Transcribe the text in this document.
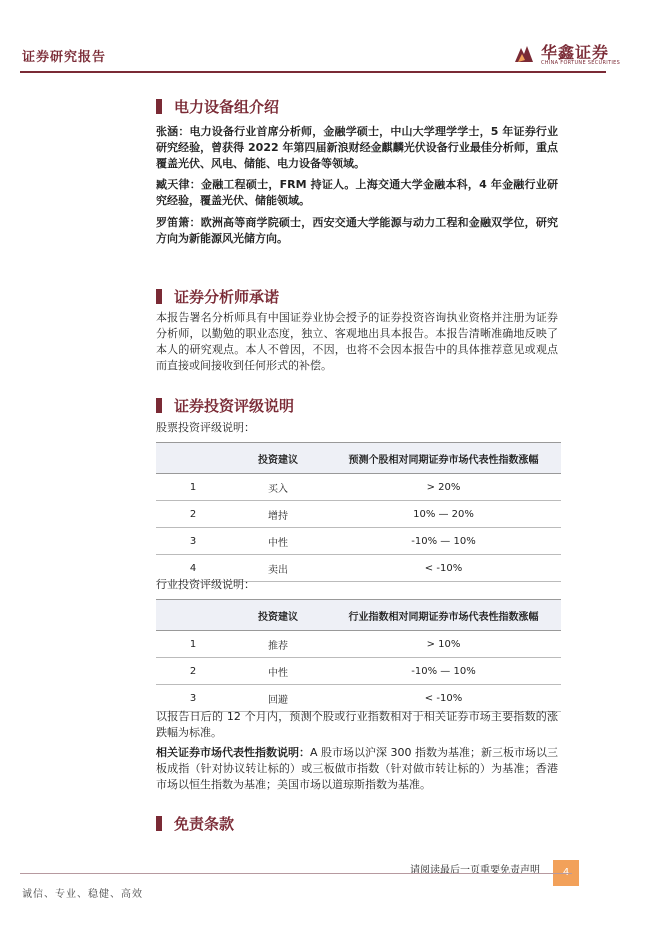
证券研究报告	华鑫证券
CHINA FORTUNE SECURITIES
电力设备组介绍
张涵：电力设备行业首席分析师，金融学硕士，中山大学理学学士，5 年证券行业研究经验，曾获得 2022 年第四届新浪财经金麒麟光伏设备行业最佳分析师，重点覆盖光伏、风电、储能、电力设备等领域。
臧天律：金融工程硕士，FRM 持证人。上海交通大学金融本科，4 年金融行业研究经验，覆盖光伏、储能领域。
罗笛箫：欧洲高等商学院硕士，西安交通大学能源与动力工程和金融双学位，研究方向为新能源风光储方向。
证券分析师承诺
本报告署名分析师具有中国证券业协会授予的证券投资咨询执业资格并注册为证券分析师，以勤勉的职业态度，独立、客观地出具本报告。本报告清晰准确地反映了本人的研究观点。本人不曾因，不因，也将不会因本报告中的具体推荐意见或观点而直接或间接收到任何形式的补偿。
证券投资评级说明
股票投资评级说明：
	投资建议	预测个股相对同期证券市场代表性指数涨幅
1	买入	> 20%
2	增持	10% — 20%
3	中性	-10% — 10%
4	卖出	< -10%
行业投资评级说明：
	投资建议	行业指数相对同期证券市场代表性指数涨幅
1	推荐	> 10%
2	中性	-10% — 10%
3	回避	< -10%
以报告日后的 12 个月内，预测个股或行业指数相对于相关证券市场主要指数的涨跌幅为标准。
相关证券市场代表性指数说明：A 股市场以沪深 300 指数为基准；新三板市场以三板成指（针对协议转让标的）或三板做市指数（针对做市转让标的）为基准；香港市场以恒生指数为基准；美国市场以道琼斯指数为基准。
免责条款
请阅读最后一页重要免责声明	4
诚信、专业、稳健、高效
